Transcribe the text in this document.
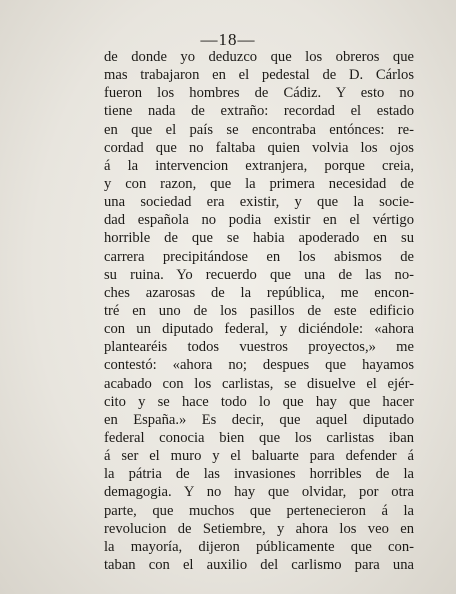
—18—
de donde yo deduzco que los obreros que
mas trabajaron en el pedestal de D. Cárlos
fueron los hombres de Cádiz. Y esto no
tiene nada de extraño: recordad el estado
en que el país se encontraba entónces: re-
cordad que no faltaba quien volvia los ojos
á la intervencion extranjera, porque creia,
y con razon, que la primera necesidad de
una sociedad era existir, y que la socie-
dad española no podia existir en el vértigo
horrible de que se habia apoderado en su
carrera precipitándose en los abismos de
su ruina. Yo recuerdo que una de las no-
ches azarosas de la república, me encon-
tré en uno de los pasillos de este edificio
con un diputado federal, y diciéndole: «ahora
plantearéis todos vuestros proyectos,» me
contestó: «ahora no; despues que hayamos
acabado con los carlistas, se disuelve el ejér-
cito y se hace todo lo que hay que hacer
en España.» Es decir, que aquel diputado
federal conocia bien que los carlistas iban
á ser el muro y el baluarte para defender á
la pátria de las invasiones horribles de la
demagogia. Y no hay que olvidar, por otra
parte, que muchos que pertenecieron á la
revolucion de Setiembre, y ahora los veo en
la mayoría, dijeron públicamente que con-
taban con el auxilio del carlismo para una
